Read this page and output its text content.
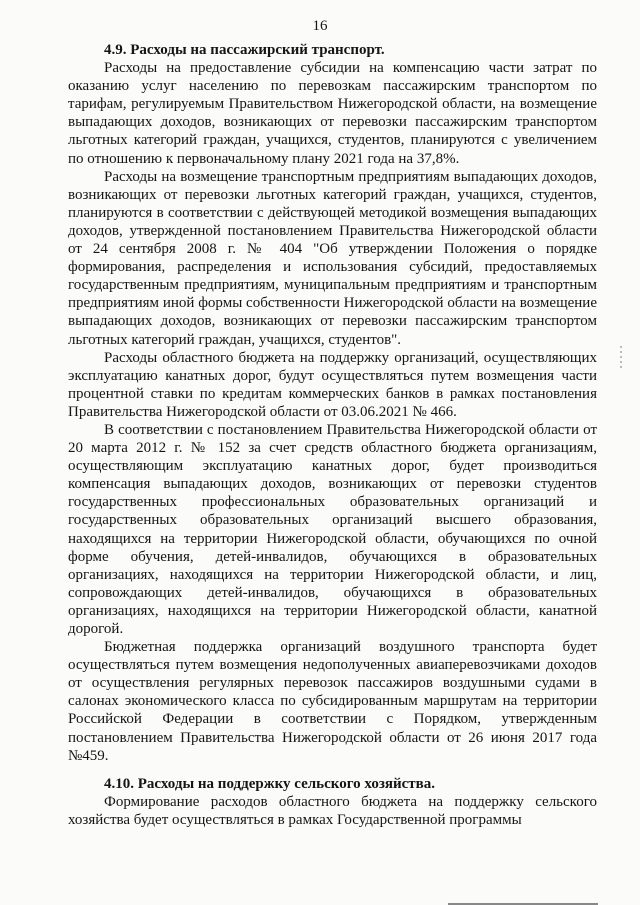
16
4.9. Расходы на пассажирский транспорт.

Расходы на предоставление субсидии на компенсацию части затрат по оказанию услуг населению по перевозкам пассажирским транспортом по тарифам, регулируемым Правительством Нижегородской области, на возмещение выпадающих доходов, возникающих от перевозки пассажирским транспортом льготных категорий граждан, учащихся, студентов, планируются с увеличением по отношению к первоначальному плану 2021 года на 37,8%.

Расходы на возмещение транспортным предприятиям выпадающих доходов, возникающих от перевозки льготных категорий граждан, учащихся, студентов, планируются в соответствии с действующей методикой возмещения выпадающих доходов, утвержденной постановлением Правительства Нижегородской области от 24 сентября 2008 г. № 404 "Об утверждении Положения о порядке формирования, распределения и использования субсидий, предоставляемых государственным предприятиям, муниципальным предприятиям и транспортным предприятиям иной формы собственности Нижегородской области на возмещение выпадающих доходов, возникающих от перевозки пассажирским транспортом льготных категорий граждан, учащихся, студентов".

Расходы областного бюджета на поддержку организаций, осуществляющих эксплуатацию канатных дорог, будут осуществляться путем возмещения части процентной ставки по кредитам коммерческих банков в рамках постановления Правительства Нижегородской области от 03.06.2021 № 466.

В соответствии с постановлением Правительства Нижегородской области от 20 марта 2012 г. № 152 за счет средств областного бюджета организациям, осуществляющим эксплуатацию канатных дорог, будет производиться компенсация выпадающих доходов, возникающих от перевозки студентов государственных профессиональных образовательных организаций и государственных образовательных организаций высшего образования, находящихся на территории Нижегородской области, обучающихся по очной форме обучения, детей-инвалидов, обучающихся в образовательных организациях, находящихся на территории Нижегородской области, и лиц, сопровождающих детей-инвалидов, обучающихся в образовательных организациях, находящихся на территории Нижегородской области, канатной дорогой.

Бюджетная поддержка организаций воздушного транспорта будет осуществляться путем возмещения недополученных авиаперевозчиками доходов от осуществления регулярных перевозок пассажиров воздушными судами в салонах экономического класса по субсидированным маршрутам на территории Российской Федерации в соответствии с Порядком, утвержденным постановлением Правительства Нижегородской области от 26 июня 2017 года №459.

4.10. Расходы на поддержку сельского хозяйства.

Формирование расходов областного бюджета на поддержку сельского хозяйства будет осуществляться в рамках Государственной программы
